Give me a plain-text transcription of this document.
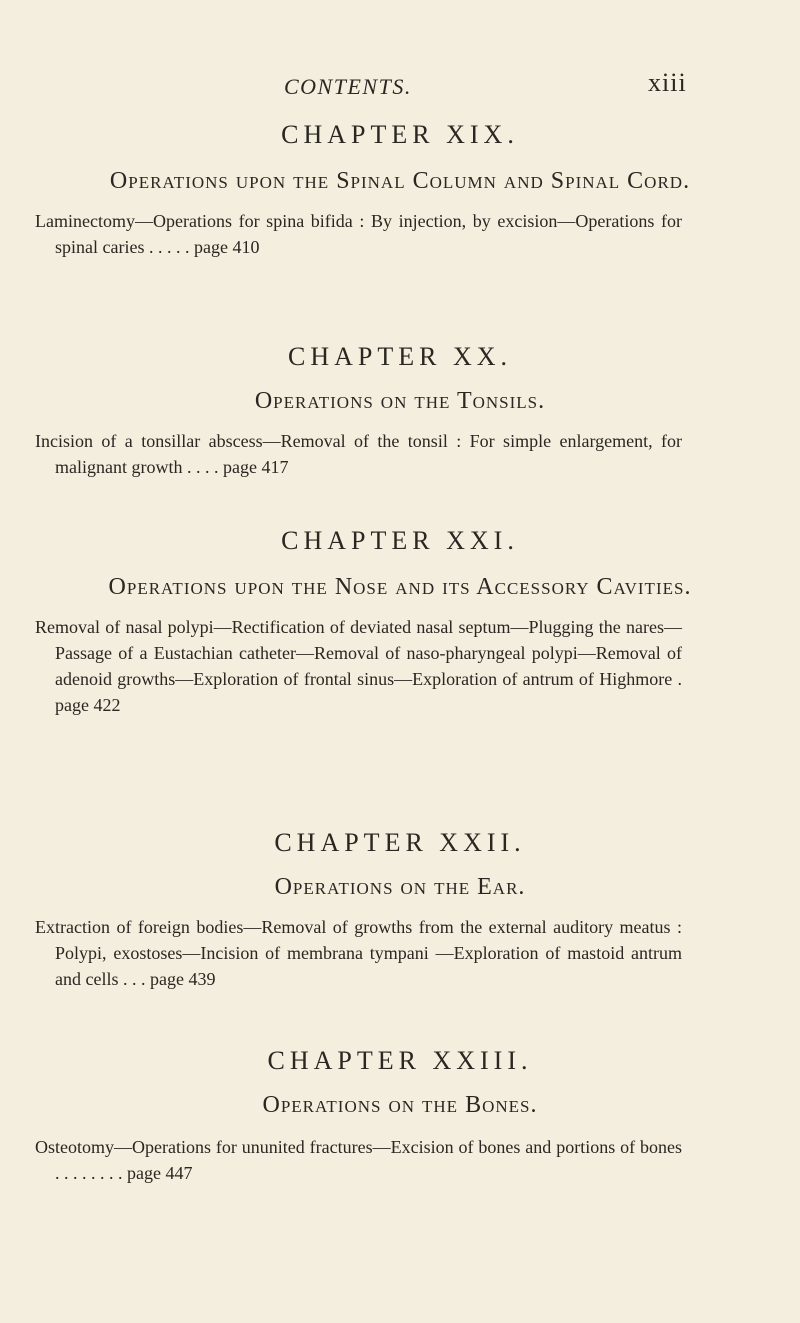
CONTENTS.	xiii

CHAPTER XIX.

Operations upon the Spinal Column and Spinal Cord.

Laminectomy—Operations for spina bifida : By injection, by excision—Operations for spinal caries . . . . . page 410

CHAPTER XX.

Operations on the Tonsils.

Incision of a tonsillar abscess—Removal of the tonsil : For simple enlargement, for malignant growth . . . . page 417

CHAPTER XXI.

Operations upon the Nose and its Accessory Cavities.

Removal of nasal polypi—Rectification of deviated nasal septum—Plugging the nares—Passage of a Eustachian catheter—Removal of naso-pharyngeal polypi—Removal of adenoid growths—Exploration of frontal sinus—Exploration of antrum of Highmore . page 422

CHAPTER XXII.

Operations on the Ear.

Extraction of foreign bodies—Removal of growths from the external auditory meatus : Polypi, exostoses—Incision of membrana tympani —Exploration of mastoid antrum and cells . . . page 439

CHAPTER XXIII.

Operations on the Bones.

Osteotomy—Operations for ununited fractures—Excision of bones and portions of bones . . . . . . . . page 447
